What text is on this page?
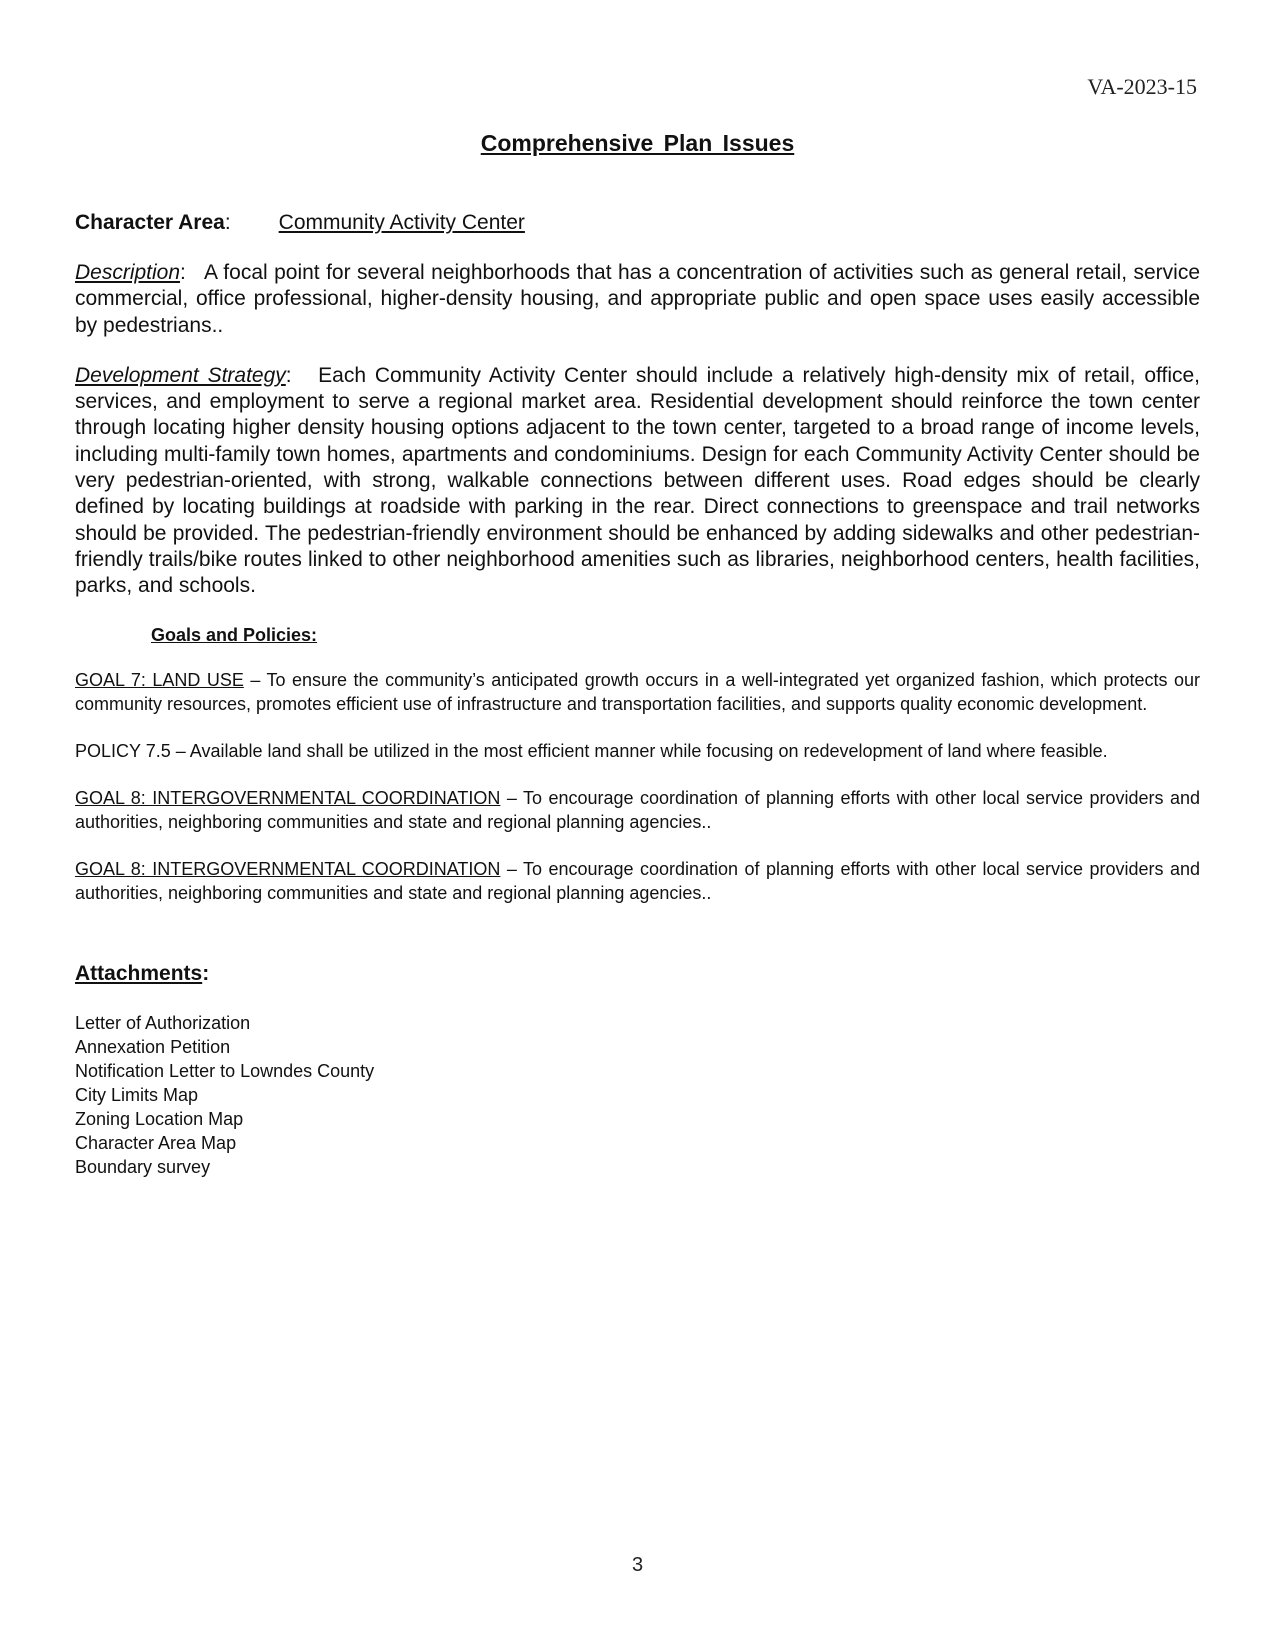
VA-2023-15
Comprehensive Plan Issues

Character Area: Community Activity Center

Description:   A focal point for several neighborhoods that has a concentration of activities such as general retail, service commercial, office professional, higher-density housing, and appropriate public and open space uses easily accessible by pedestrians..

Development Strategy:   Each Community Activity Center should include a relatively high-density mix of retail, office, services, and employment to serve a regional market area. Residential development should reinforce the town center through locating higher density housing options adjacent to the town center, targeted to a broad range of income levels, including multi-family town homes, apartments and condominiums. Design for each Community Activity Center should be very pedestrian-oriented, with strong, walkable connections between different uses. Road edges should be clearly defined by locating buildings at roadside with parking in the rear. Direct connections to greenspace and trail networks should be provided. The pedestrian-friendly environment should be enhanced by adding sidewalks and other pedestrian-friendly trails/bike routes linked to other neighborhood amenities such as libraries, neighborhood centers, health facilities, parks, and schools.

Goals and Policies:

GOAL 7: LAND USE – To ensure the community’s anticipated growth occurs in a well-integrated yet organized fashion, which protects our community resources, promotes efficient use of infrastructure and transportation facilities, and supports quality economic development.

POLICY 7.5 – Available land shall be utilized in the most efficient manner while focusing on redevelopment of land where feasible.

GOAL 8: INTERGOVERNMENTAL COORDINATION – To encourage coordination of planning efforts with other local service providers and authorities, neighboring communities and state and regional planning agencies..

GOAL 8: INTERGOVERNMENTAL COORDINATION – To encourage coordination of planning efforts with other local service providers and authorities, neighboring communities and state and regional planning agencies..

Attachments:
Letter of Authorization
Annexation Petition
Notification Letter to Lowndes County
City Limits Map
Zoning Location Map
Character Area Map
Boundary survey
3
